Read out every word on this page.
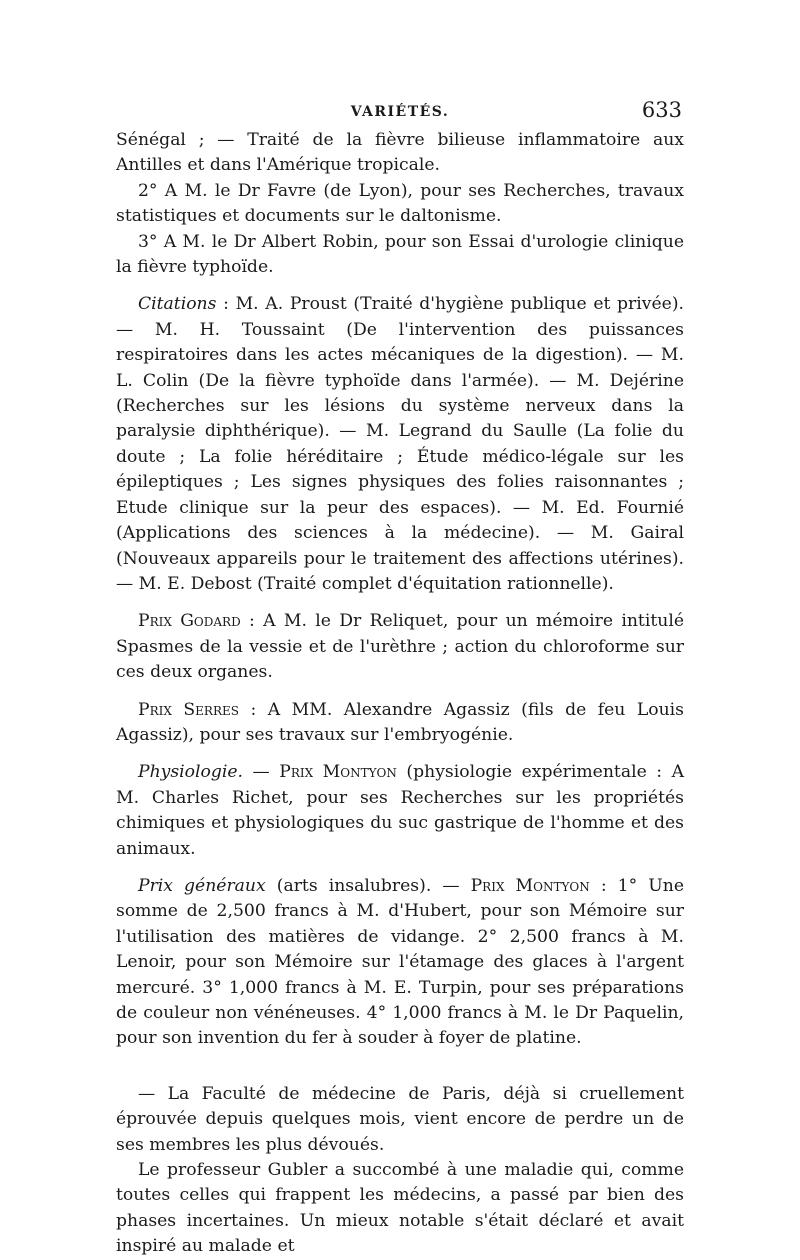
VARIÉTÉS.	633

Sénégal ; — Traité de la fièvre bilieuse inflammatoire aux Antilles et dans l'Amérique tropicale.

2° A M. le Dr Favre (de Lyon), pour ses Recherches, travaux statistiques et documents sur le daltonisme.

3° A M. le Dr Albert Robin, pour son Essai d'urologie clinique la fièvre typhoïde.

Citations : M. A. Proust (Traité d'hygiène publique et privée). — M. H. Toussaint (De l'intervention des puissances respiratoires dans les actes mécaniques de la digestion). — M. L. Colin (De la fièvre typhoïde dans l'armée). — M. Dejérine (Recherches sur les lésions du système nerveux dans la paralysie diphthérique). — M. Legrand du Saulle (La folie du doute ; La folie héréditaire ; Étude médico-légale sur les épileptiques ; Les signes physiques des folies raisonnantes ; Etude clinique sur la peur des espaces). — M. Ed. Fournié (Applications des sciences à la médecine). — M. Gairal (Nouveaux appareils pour le traitement des affections utérines). — M. E. Debost (Traité complet d'équitation rationnelle).

Prix Godard : A M. le Dr Reliquet, pour un mémoire intitulé Spasmes de la vessie et de l'urèthre ; action du chloroforme sur ces deux organes.

Prix Serres : A MM. Alexandre Agassiz (fils de feu Louis Agassiz), pour ses travaux sur l'embryogénie.

Physiologie. — Prix Montyon (physiologie expérimentale : A M. Charles Richet, pour ses Recherches sur les propriétés chimiques et physiologiques du suc gastrique de l'homme et des animaux.

Prix généraux (arts insalubres). — Prix Montyon : 1° Une somme de 2,500 francs à M. d'Hubert, pour son Mémoire sur l'utilisation des matières de vidange. 2° 2,500 francs à M. Lenoir, pour son Mémoire sur l'étamage des glaces à l'argent mercuré. 3° 1,000 francs à M. E. Turpin, pour ses préparations de couleur non vénéneuses. 4° 1,000 francs à M. le Dr Paquelin, pour son invention du fer à souder à foyer de platine.

— La Faculté de médecine de Paris, déjà si cruellement éprouvée depuis quelques mois, vient encore de perdre un de ses membres les plus dévoués.

Le professeur Gubler a succombé à une maladie qui, comme toutes celles qui frappent les médecins, a passé par bien des phases incertaines. Un mieux notable s'était déclaré et avait inspiré au malade et
